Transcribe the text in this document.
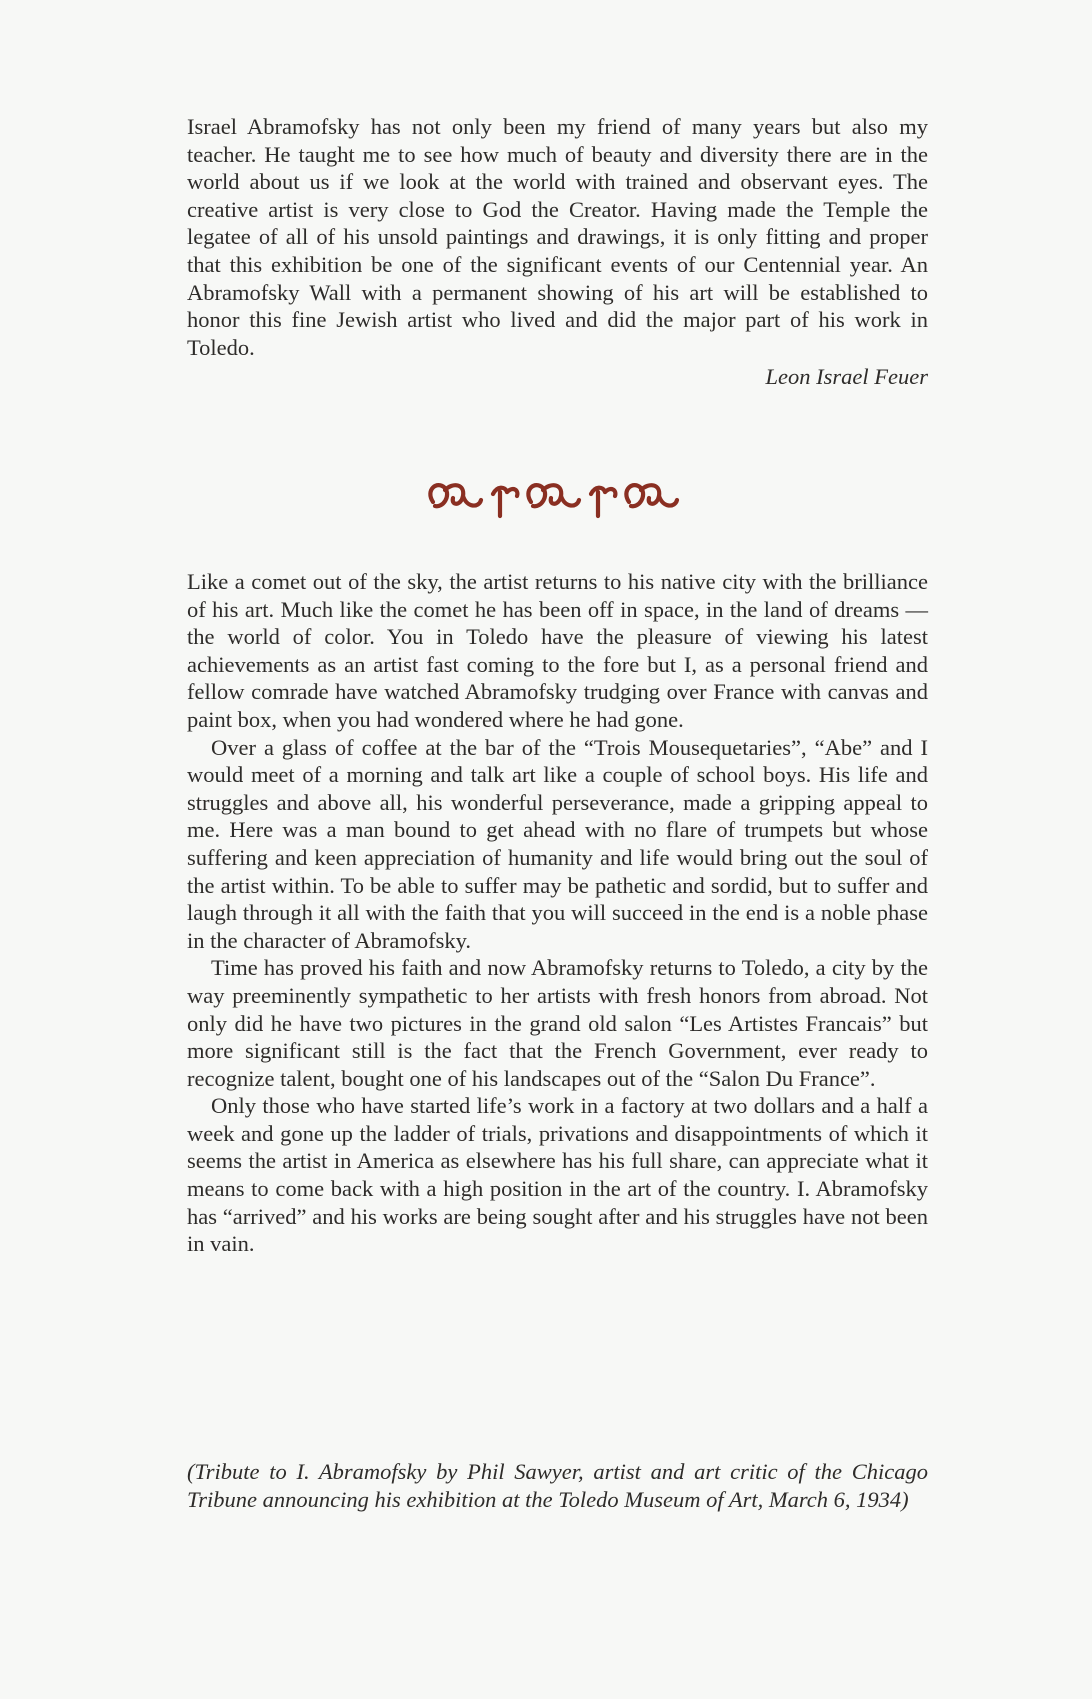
Israel Abramofsky has not only been my friend of many years but also my teacher. He taught me to see how much of beauty and diversity there are in the world about us if we look at the world with trained and observant eyes. The creative artist is very close to God the Creator. Having made the Temple the legatee of all of his unsold paintings and drawings, it is only fitting and proper that this exhibition be one of the significant events of our Centennial year. An Abramofsky Wall with a permanent showing of his art will be established to honor this fine Jewish artist who lived and did the major part of his work in Toledo.

Leon Israel Feuer

Like a comet out of the sky, the artist returns to his native city with the brilliance of his art. Much like the comet he has been off in space, in the land of dreams — the world of color. You in Toledo have the pleasure of viewing his latest achievements as an artist fast coming to the fore but I, as a personal friend and fellow comrade have watched Abramofsky trudging over France with canvas and paint box, when you had wondered where he had gone.

Over a glass of coffee at the bar of the “Trois Mousequetaries”, “Abe” and I would meet of a morning and talk art like a couple of school boys. His life and struggles and above all, his wonderful perseverance, made a gripping appeal to me. Here was a man bound to get ahead with no flare of trumpets but whose suffering and keen appreciation of humanity and life would bring out the soul of the artist within. To be able to suffer may be pathetic and sordid, but to suffer and laugh through it all with the faith that you will succeed in the end is a noble phase in the character of Abramofsky.

Time has proved his faith and now Abramofsky returns to Toledo, a city by the way preeminently sympathetic to her artists with fresh honors from abroad. Not only did he have two pictures in the grand old salon “Les Artistes Francais” but more significant still is the fact that the French Government, ever ready to recognize talent, bought one of his landscapes out of the “Salon Du France”.

Only those who have started life’s work in a factory at two dollars and a half a week and gone up the ladder of trials, privations and disappointments of which it seems the artist in America as elsewhere has his full share, can appreciate what it means to come back with a high position in the art of the country. I. Abramofsky has “arrived” and his works are being sought after and his struggles have not been in vain.

(Tribute to I. Abramofsky by Phil Sawyer, artist and art critic of the Chicago Tribune announcing his exhibition at the Toledo Museum of Art, March 6, 1934)
